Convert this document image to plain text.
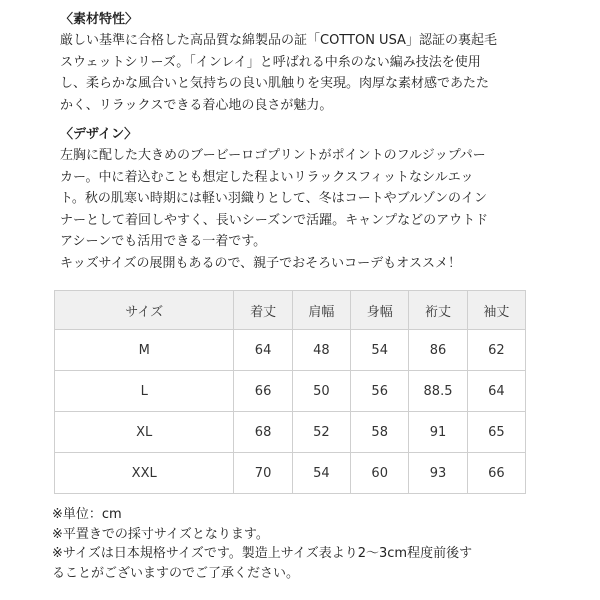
〈素材特性〉
厳しい基準に合格した高品質な綿製品の証「COTTON USA」認証の裏起毛
スウェットシリーズ。「インレイ」と呼ばれる中糸のない編み技法を使用
し、柔らかな風合いと気持ちの良い肌触りを実現。肉厚な素材感であたた
かく、リラックスできる着心地の良さが魅力。
〈デザイン〉
左胸に配した大きめのブービーロゴプリントがポイントのフルジップパー
カー。中に着込むことも想定した程よいリラックスフィットなシルエッ
ト。秋の肌寒い時期には軽い羽織りとして、冬はコートやブルゾンのイン
ナーとして着回しやすく、長いシーズンで活躍。キャンプなどのアウトド
アシーンでも活用できる一着です。
キッズサイズの展開もあるので、親子でおそろいコーデもオススメ！
サイズ	着丈	肩幅	身幅	裄丈	袖丈
M	64	48	54	86	62
L	66	50	56	88.5	64
XL	68	52	58	91	65
XXL	70	54	60	93	66
※単位：cm
※平置きでの採寸サイズとなります。
※サイズは日本規格サイズです。製造上サイズ表より2〜3cm程度前後す
ることがございますのでご了承ください。
